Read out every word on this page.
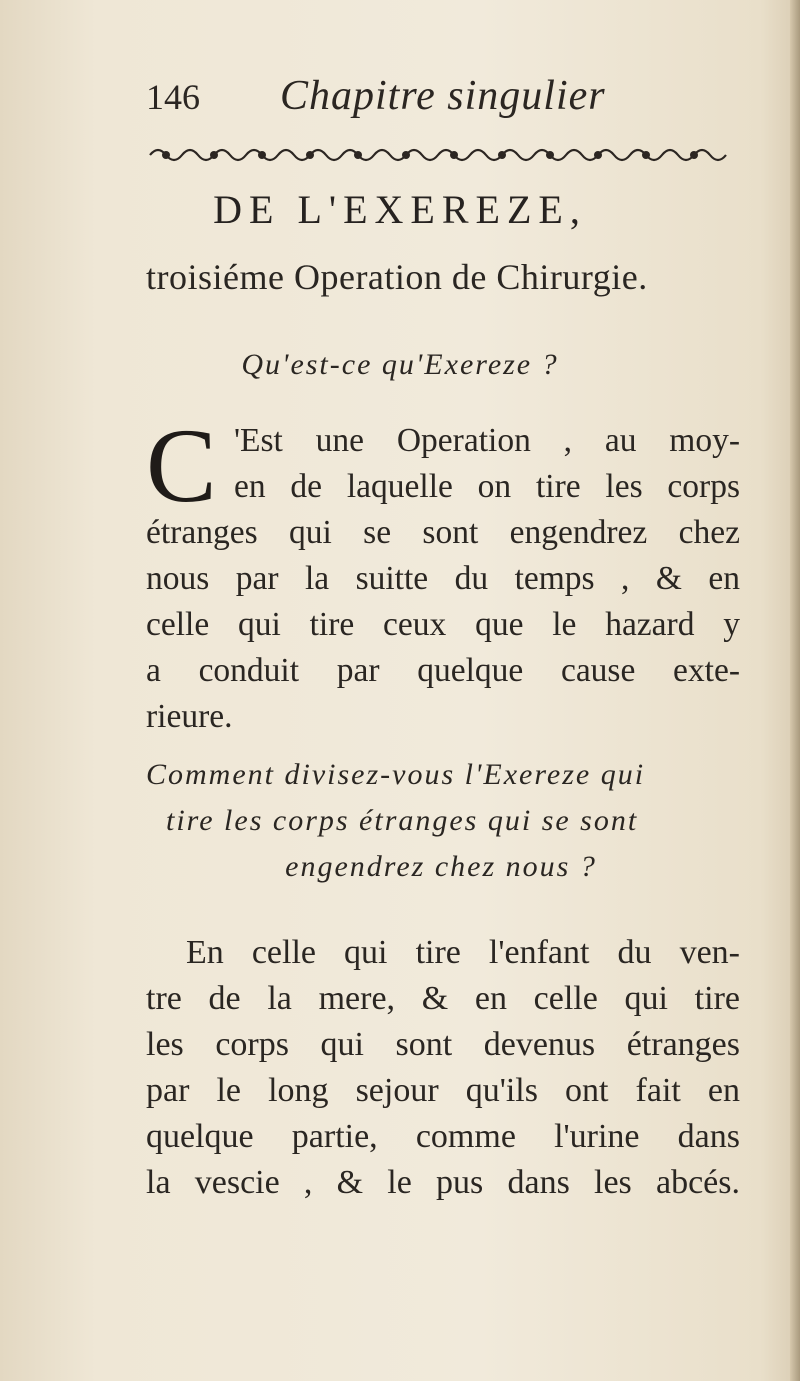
146 Chapitre singulier
DE L'EXEREZE,
troisiéme Operation de Chirurgie.
Qu'est-ce qu'Exereze ?
C 'Est une Operation , au moy-
en de laquelle on tire les corps
étranges qui se sont engendrez chez
nous par la suitte du temps , & en
celle qui tire ceux que le hazard y
a conduit par quelque cause exte-
rieure.
Comment divisez-vous l'Exereze qui
tire les corps étranges qui se sont
engendrez chez nous ?
En celle qui tire l'enfant du ven-
tre de la mere, & en celle qui tire
les corps qui sont devenus étranges
par le long sejour qu'ils ont fait en
quelque partie, comme l'urine dans
la vescie , & le pus dans les abcés.
